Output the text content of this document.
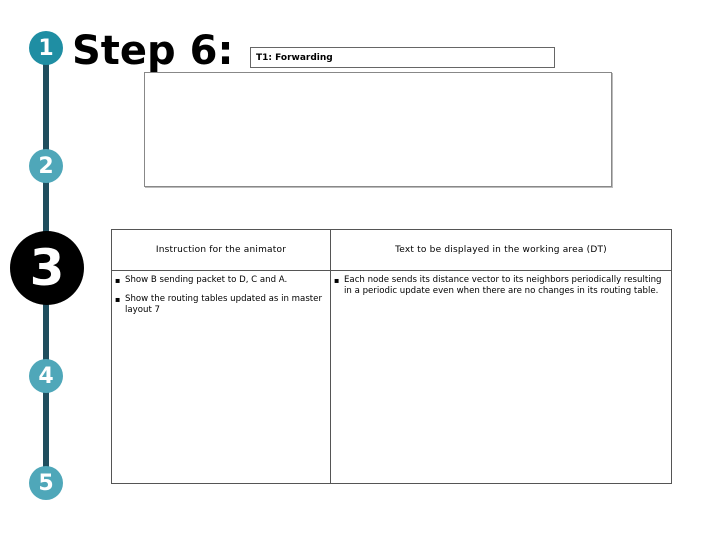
1
2
3
4
5
Step 6:	T1: Forwarding
Instruction for the animator
▪ Show B sending packet to D, C and A.
▪ Show the routing tables updated as in master layout 7
Text to be displayed in the working area (DT)
▪ Each node sends its distance vector to its neighbors periodically resulting in a periodic update even when there are no changes in its routing table.
